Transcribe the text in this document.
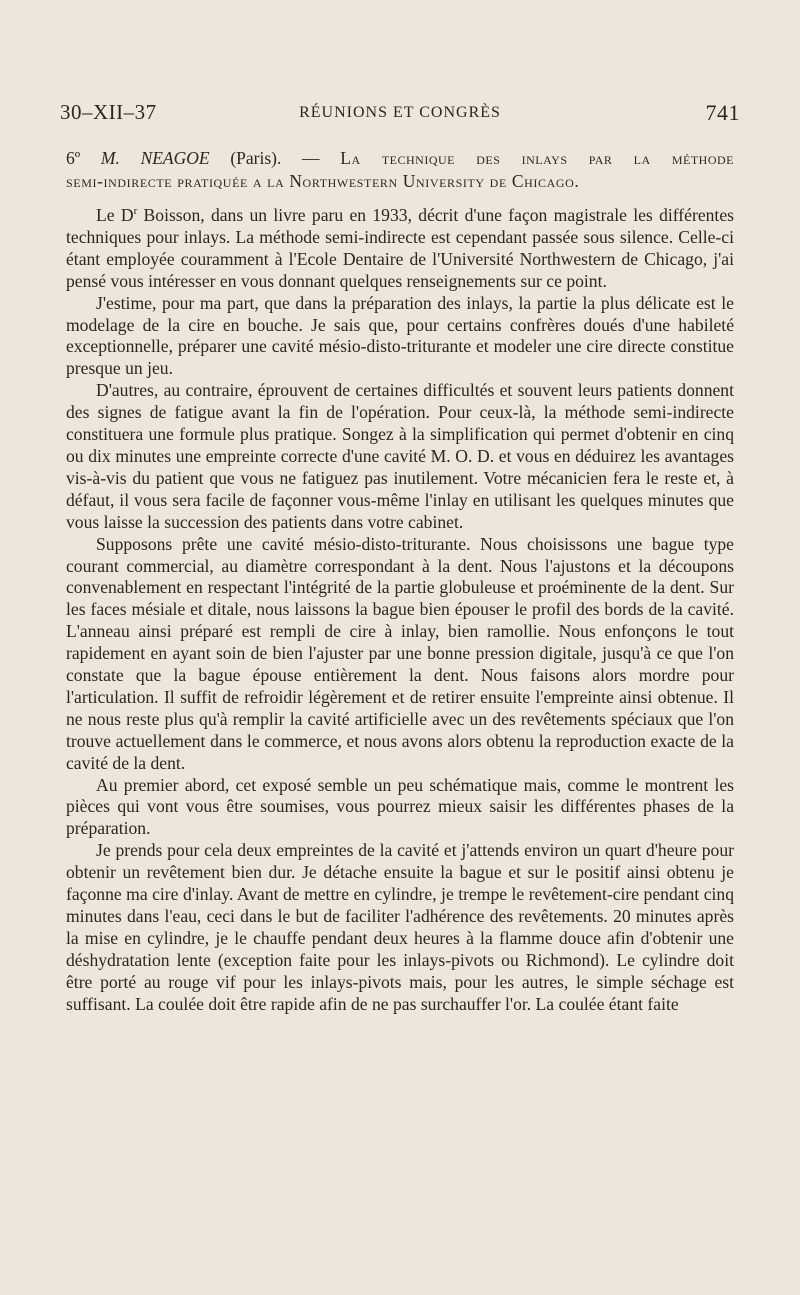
30–XII–37	RÉUNIONS ET CONGRÈS	741
6º M. NEAGOE (Paris). — La technique des inlays par la méthode
semi-indirecte pratiquée a la Northwestern University de Chicago.

Le $D^r$ Boisson, dans un livre paru en 1933, décrit d'une façon magistrale les différentes techniques pour inlays. La méthode semi-indirecte est cependant passée sous silence. Celle-ci étant employée couramment à l'Ecole Dentaire de l'Université Northwestern de Chicago, j'ai pensé vous intéresser en vous donnant quelques renseignements sur ce point.

J'estime, pour ma part, que dans la préparation des inlays, la partie la plus délicate est le modelage de la cire en bouche. Je sais que, pour certains confrères doués d'une habileté exceptionnelle, préparer une cavité mésio-disto-triturante et modeler une cire directe constitue presque un jeu.

D'autres, au contraire, éprouvent de certaines difficultés et souvent leurs patients donnent des signes de fatigue avant la fin de l'opération. Pour ceux-là, la méthode semi-indirecte constituera une formule plus pratique. Songez à la simplification qui permet d'obtenir en cinq ou dix minutes une empreinte correcte d'une cavité M. O. D. et vous en déduirez les avantages vis-à-vis du patient que vous ne fatiguez pas inutilement. Votre mécanicien fera le reste et, à défaut, il vous sera facile de façonner vous-même l'inlay en utilisant les quelques minutes que vous laisse la succession des patients dans votre cabinet.

Supposons prête une cavité mésio-disto-triturante. Nous choisissons une bague type courant commercial, au diamètre correspondant à la dent. Nous l'ajustons et la découpons convenablement en respectant l'intégrité de la partie globuleuse et proéminente de la dent. Sur les faces mésiale et ditale, nous laissons la bague bien épouser le profil des bords de la cavité. L'anneau ainsi préparé est rempli de cire à inlay, bien ramollie. Nous enfonçons le tout rapidement en ayant soin de bien l'ajuster par une bonne pression digitale, jusqu'à ce que l'on constate que la bague épouse entièrement la dent. Nous faisons alors mordre pour l'articulation. Il suffit de refroidir légèrement et de retirer ensuite l'empreinte ainsi obtenue. Il ne nous reste plus qu'à remplir la cavité artificielle avec un des revêtements spéciaux que l'on trouve actuellement dans le commerce, et nous avons alors obtenu la reproduction exacte de la cavité de la dent.

Au premier abord, cet exposé semble un peu schématique mais, comme le montrent les pièces qui vont vous être soumises, vous pourrez mieux saisir les différentes phases de la préparation.

Je prends pour cela deux empreintes de la cavité et j'attends environ un quart d'heure pour obtenir un revêtement bien dur. Je détache ensuite la bague et sur le positif ainsi obtenu je façonne ma cire d'inlay. Avant de mettre en cylindre, je trempe le revêtement-cire pendant cinq minutes dans l'eau, ceci dans le but de faciliter l'adhérence des revêtements. 20 minutes après la mise en cylindre, je le chauffe pendant deux heures à la flamme douce afin d'obtenir une déshydratation lente (exception faite pour les inlays-pivots ou Richmond). Le cylindre doit être porté au rouge vif pour les inlays-pivots mais, pour les autres, le simple séchage est suffisant. La coulée doit être rapide afin de ne pas surchauffer l'or. La coulée étant faite
